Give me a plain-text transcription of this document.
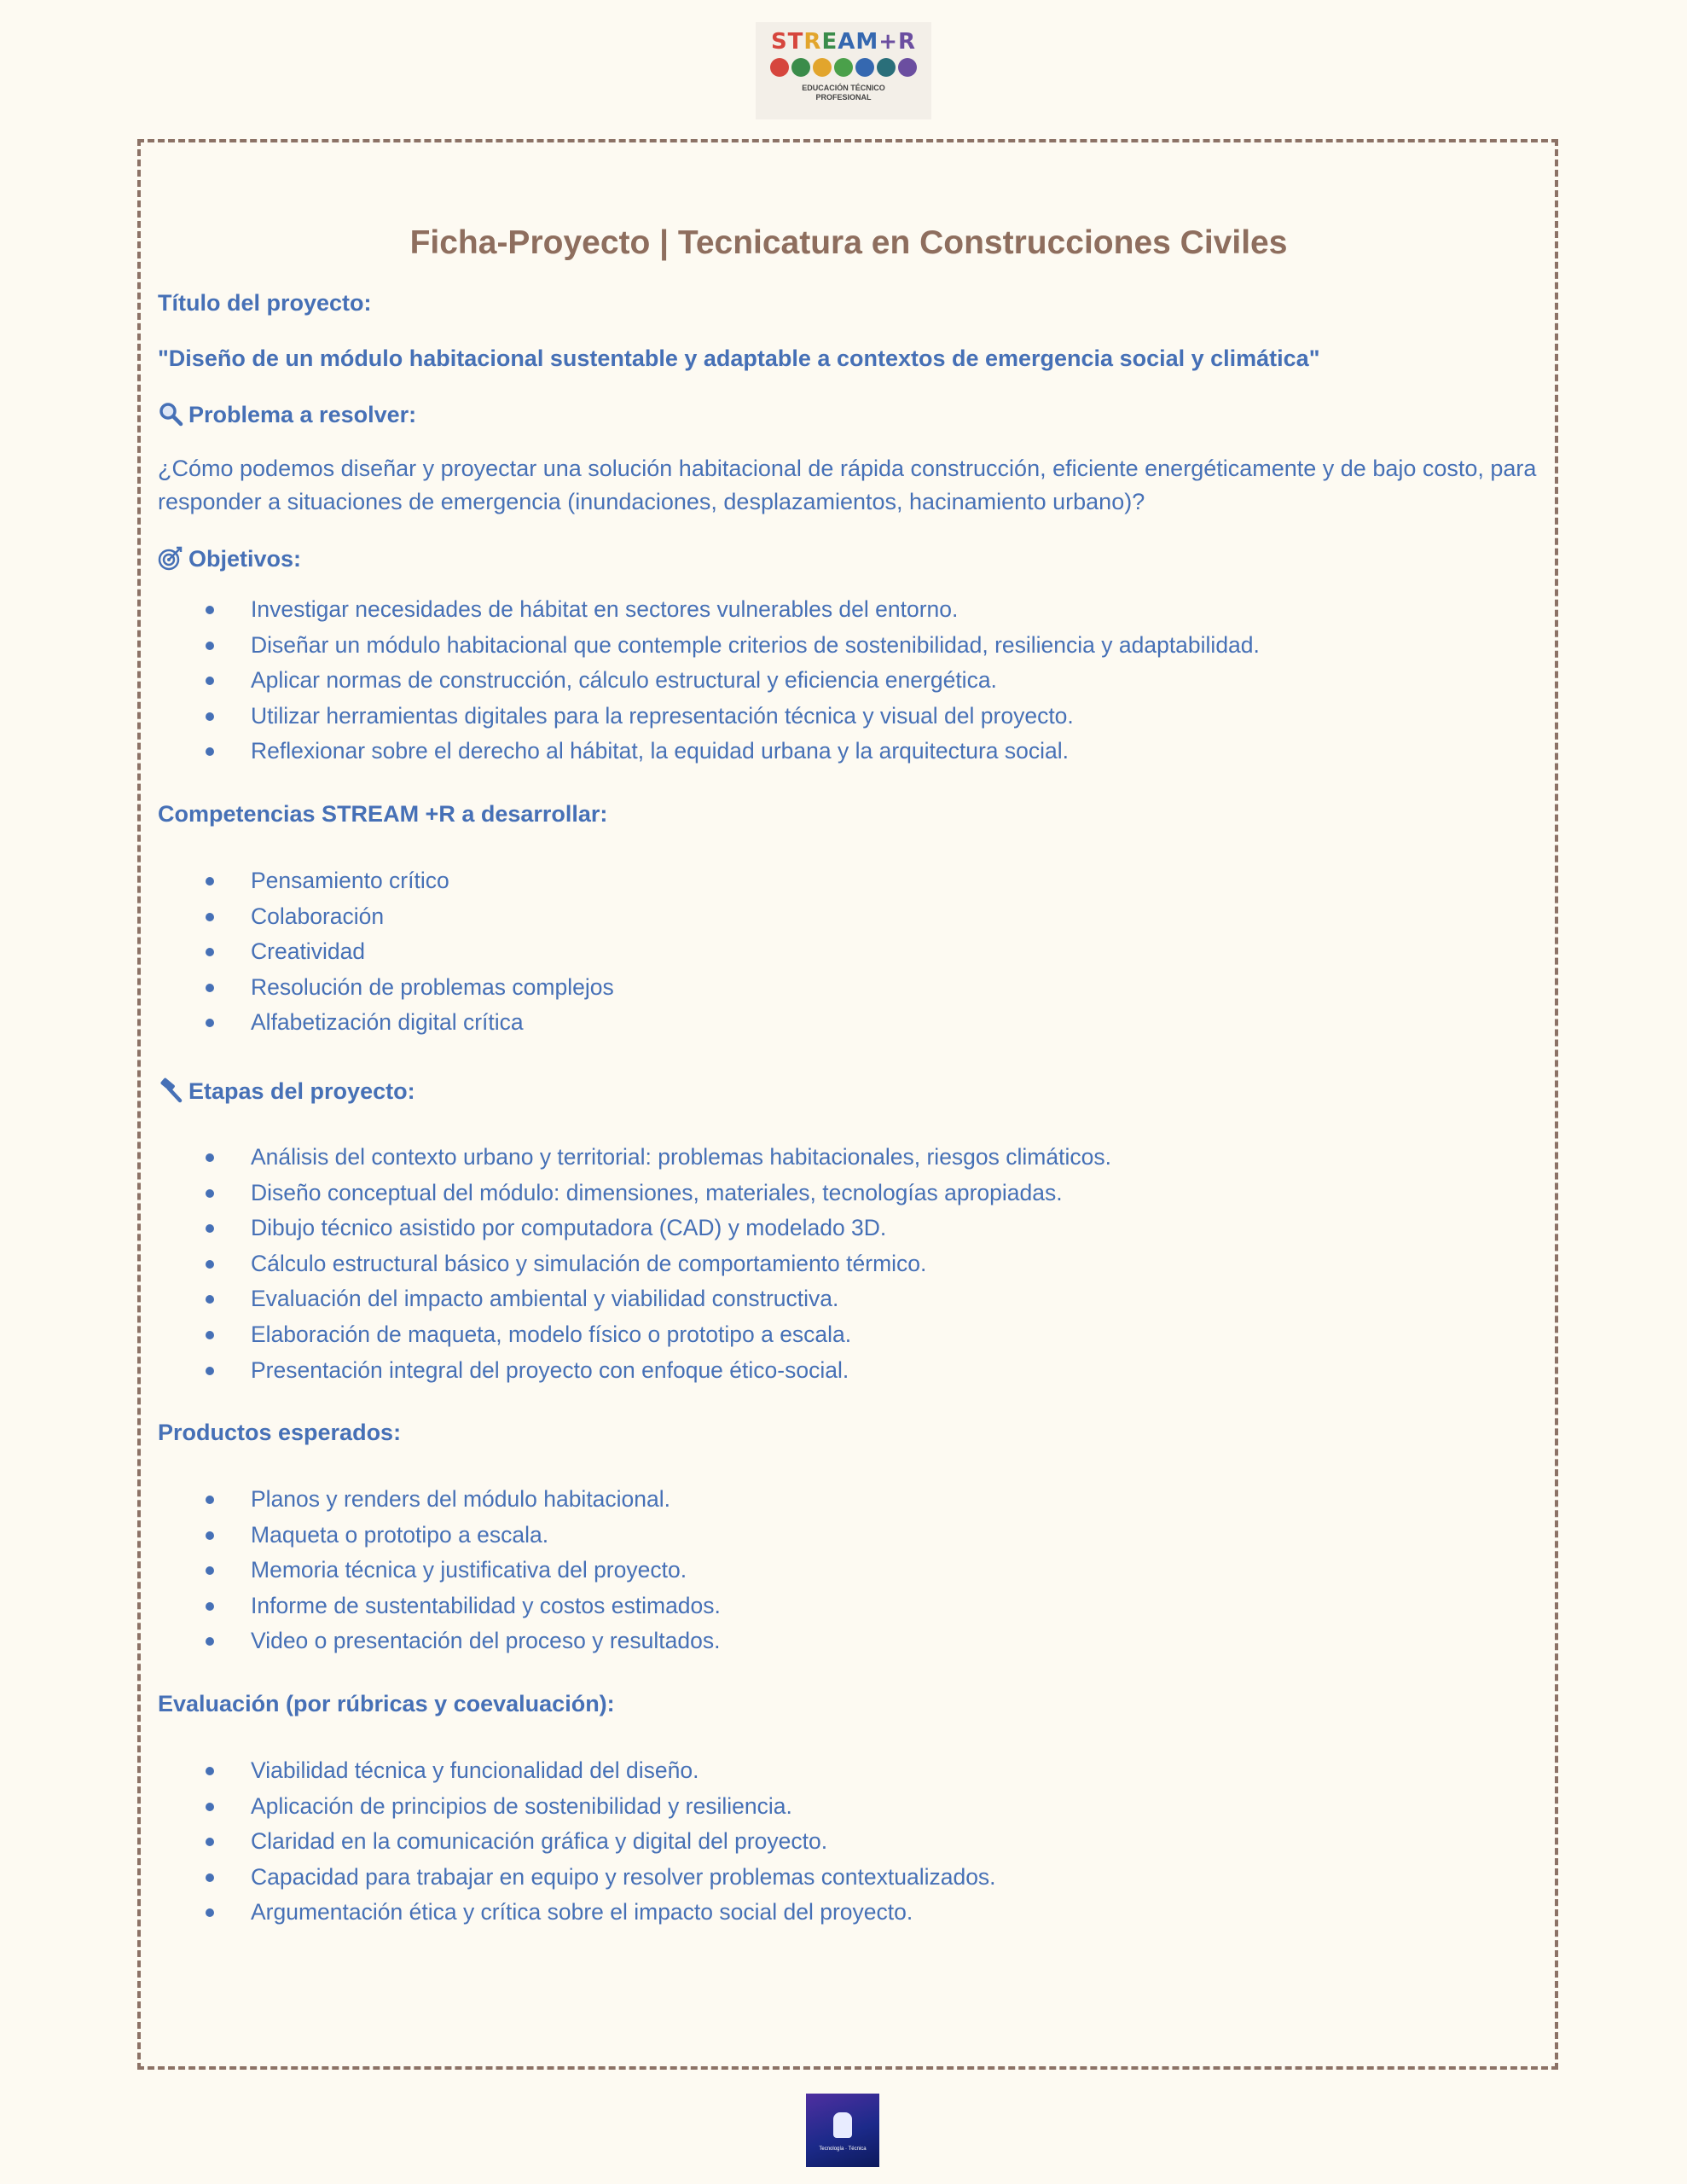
STREAM+R
EDUCACIÓN TÉCNICO
PROFESIONAL
Ficha-Proyecto | Tecnicatura en Construcciones Civiles

Título del proyecto:

"Diseño de un módulo habitacional sustentable y adaptable a contextos de emergencia social y climática"

Problema a resolver:

¿Cómo podemos diseñar y proyectar una solución habitacional de rápida construcción, eficiente energéticamente y de bajo costo, para responder a situaciones de emergencia (inundaciones, desplazamientos, hacinamiento urbano)?

Objetivos:

Investigar necesidades de hábitat en sectores vulnerables del entorno.
Diseñar un módulo habitacional que contemple criterios de sostenibilidad, resiliencia y adaptabilidad.
Aplicar normas de construcción, cálculo estructural y eficiencia energética.
Utilizar herramientas digitales para la representación técnica y visual del proyecto.
Reflexionar sobre el derecho al hábitat, la equidad urbana y la arquitectura social.

Competencias STREAM +R a desarrollar:

Pensamiento crítico
Colaboración
Creatividad
Resolución de problemas complejos
Alfabetización digital crítica

Etapas del proyecto:

Análisis del contexto urbano y territorial: problemas habitacionales, riesgos climáticos.
Diseño conceptual del módulo: dimensiones, materiales, tecnologías apropiadas.
Dibujo técnico asistido por computadora (CAD) y modelado 3D.
Cálculo estructural básico y simulación de comportamiento térmico.
Evaluación del impacto ambiental y viabilidad constructiva.
Elaboración de maqueta, modelo físico o prototipo a escala.
Presentación integral del proyecto con enfoque ético-social.

Productos esperados:

Planos y renders del módulo habitacional.
Maqueta o prototipo a escala.
Memoria técnica y justificativa del proyecto.
Informe de sustentabilidad y costos estimados.
Video o presentación del proceso y resultados.

Evaluación (por rúbricas y coevaluación):

Viabilidad técnica y funcionalidad del diseño.
Aplicación de principios de sostenibilidad y resiliencia.
Claridad en la comunicación gráfica y digital del proyecto.
Capacidad para trabajar en equipo y resolver problemas contextualizados.
Argumentación ética y crítica sobre el impacto social del proyecto.
Tecnología · Técnica
